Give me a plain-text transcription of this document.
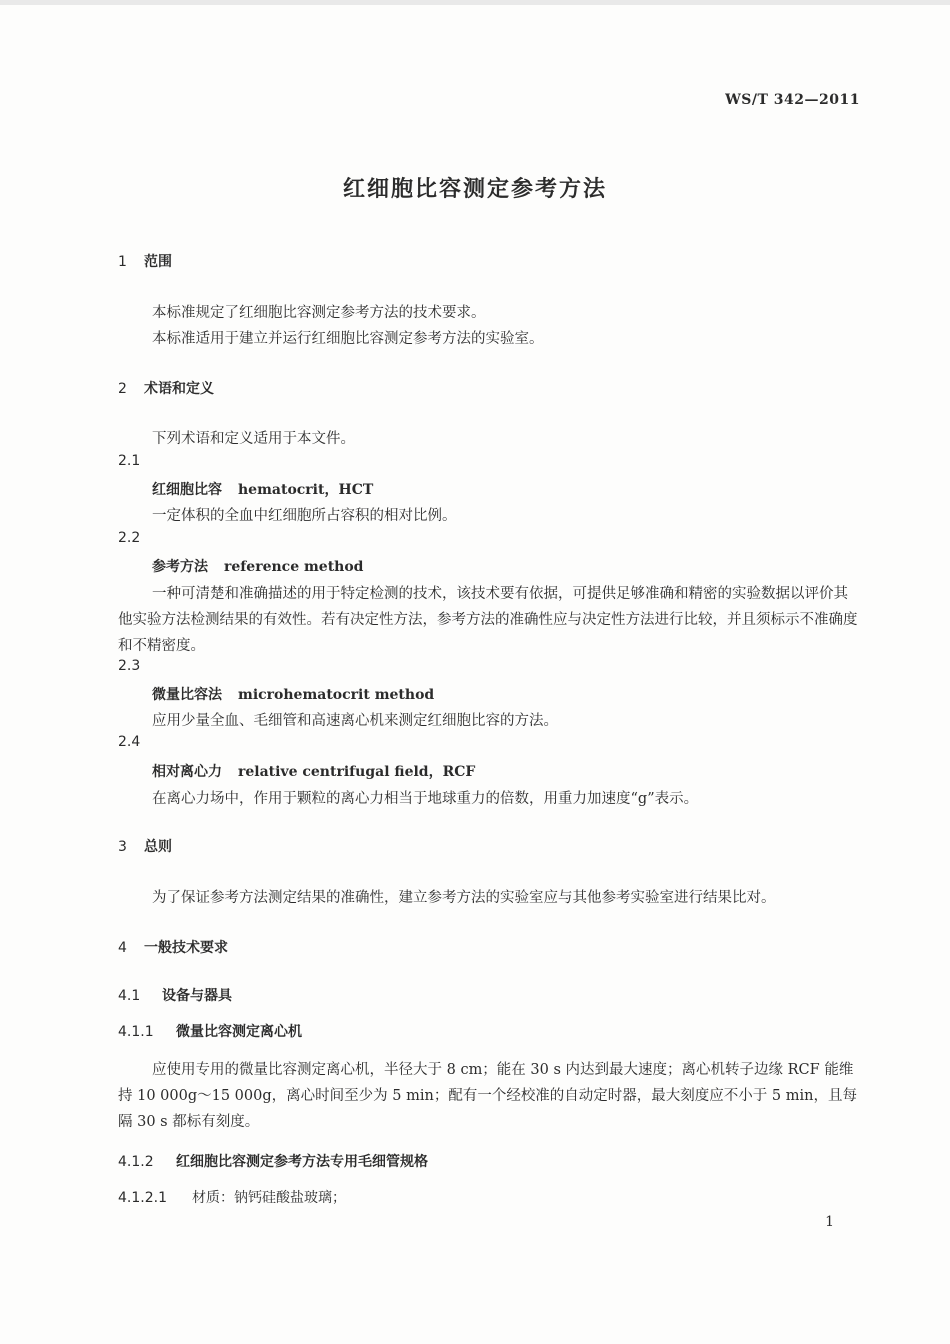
WS/T 342—2011
红细胞比容测定参考方法
1 范围
本标准规定了红细胞比容测定参考方法的技术要求。
本标准适用于建立并运行红细胞比容测定参考方法的实验室。
2 术语和定义
下列术语和定义适用于本文件。
2.1
红细胞比容 hematocrit，HCT
一定体积的全血中红细胞所占容积的相对比例。
2.2
参考方法 reference method
一种可清楚和准确描述的用于特定检测的技术，该技术要有依据，可提供足够准确和精密的实验数据以评价其他实验方法检测结果的有效性。若有决定性方法，参考方法的准确性应与决定性方法进行比较，并且须标示不准确度和不精密度。
2.3
微量比容法 microhematocrit method
应用少量全血、毛细管和高速离心机来测定红细胞比容的方法。
2.4
相对离心力 relative centrifugal field，RCF
在离心力场中，作用于颗粒的离心力相当于地球重力的倍数，用重力加速度“g”表示。
3 总则
为了保证参考方法测定结果的准确性，建立参考方法的实验室应与其他参考实验室进行结果比对。
4 一般技术要求
4.1 设备与器具
4.1.1 微量比容测定离心机
应使用专用的微量比容测定离心机，半径大于 8 cm；能在 30 s 内达到最大速度；离心机转子边缘 RCF 能维持 10 000g～15 000g，离心时间至少为 5 min；配有一个经校准的自动定时器，最大刻度应不小于 5 min，且每隔 30 s 都标有刻度。
4.1.2 红细胞比容测定参考方法专用毛细管规格
4.1.2.1 材质：钠钙硅酸盐玻璃；
1
